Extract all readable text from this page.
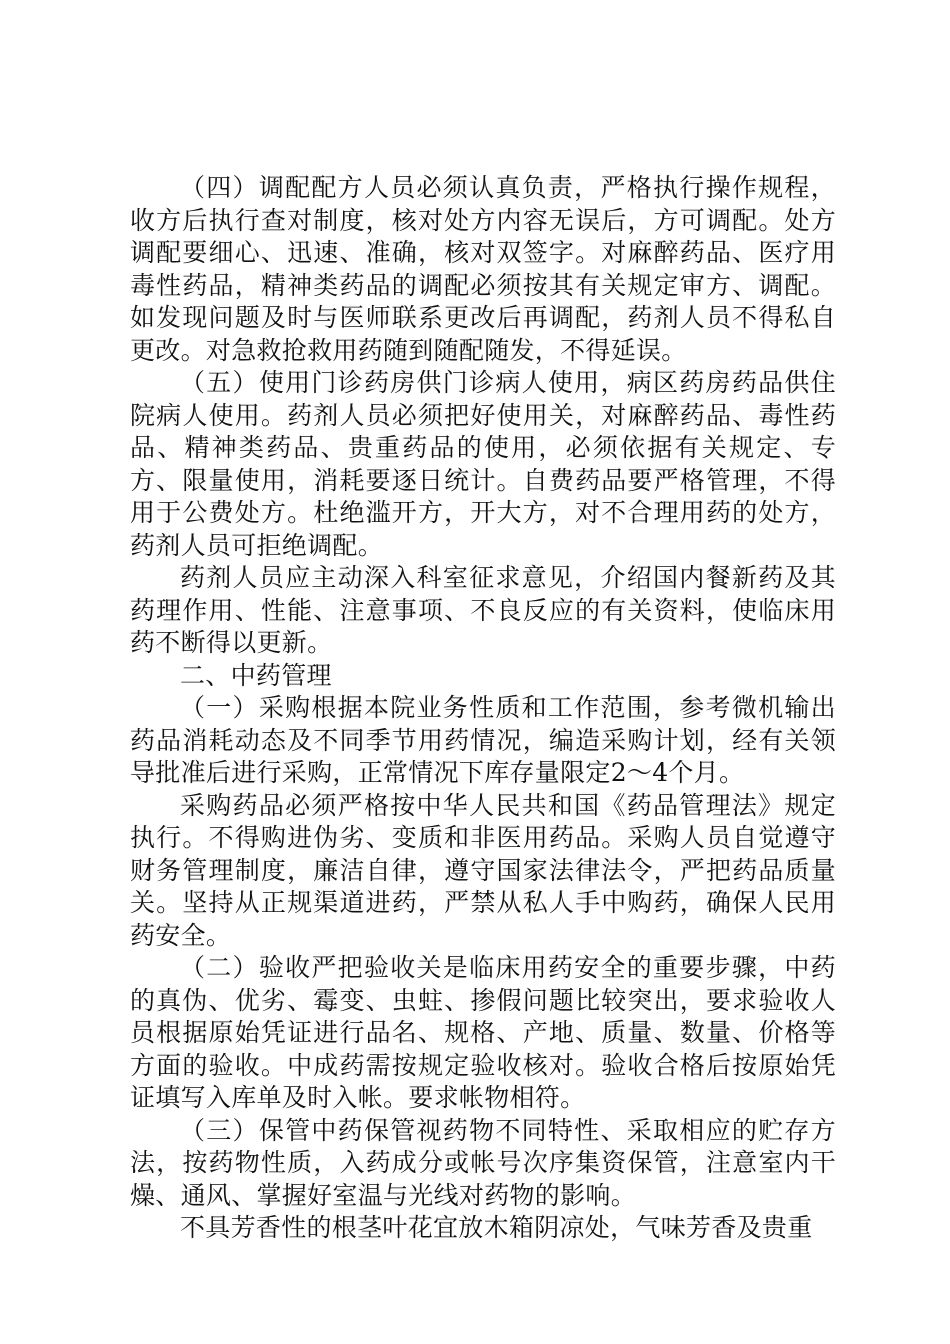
（四）调配配方人员必须认真负责，严格执行操作规程，收方后执行查对制度，核对处方内容无误后，方可调配。处方调配要细心、迅速、准确，核对双签字。对麻醉药品、医疗用毒性药品，精神类药品的调配必须按其有关规定审方、调配。如发现问题及时与医师联系更改后再调配，药剂人员不得私自更改。对急救抢救用药随到随配随发，不得延误。

（五）使用门诊药房供门诊病人使用，病区药房药品供住院病人使用。药剂人员必须把好使用关，对麻醉药品、毒性药品、精神类药品、贵重药品的使用，必须依据有关规定、专方、限量使用，消耗要逐日统计。自费药品要严格管理，不得用于公费处方。杜绝滥开方，开大方，对不合理用药的处方，药剂人员可拒绝调配。

药剂人员应主动深入科室征求意见，介绍国内餐新药及其药理作用、性能、注意事项、不良反应的有关资料，使临床用药不断得以更新。

二、中药管理

（一）采购根据本院业务性质和工作范围，参考微机输出药品消耗动态及不同季节用药情况，编造采购计划，经有关领导批准后进行采购，正常情况下库存量限定2～4个月。

采购药品必须严格按中华人民共和国《药品管理法》规定执行。不得购进伪劣、变质和非医用药品。采购人员自觉遵守财务管理制度，廉洁自律，遵守国家法律法令，严把药品质量关。坚持从正规渠道进药，严禁从私人手中购药，确保人民用药安全。

（二）验收严把验收关是临床用药安全的重要步骤，中药的真伪、优劣、霉变、虫蛀、掺假问题比较突出，要求验收人员根据原始凭证进行品名、规格、产地、质量、数量、价格等方面的验收。中成药需按规定验收核对。验收合格后按原始凭证填写入库单及时入帐。要求帐物相符。

（三）保管中药保管视药物不同特性、采取相应的贮存方法，按药物性质，入药成分或帐号次序集资保管，注意室内干燥、通风、掌握好室温与光线对药物的影响。

不具芳香性的根茎叶花宜放木箱阴凉处，气味芳香及贵重
